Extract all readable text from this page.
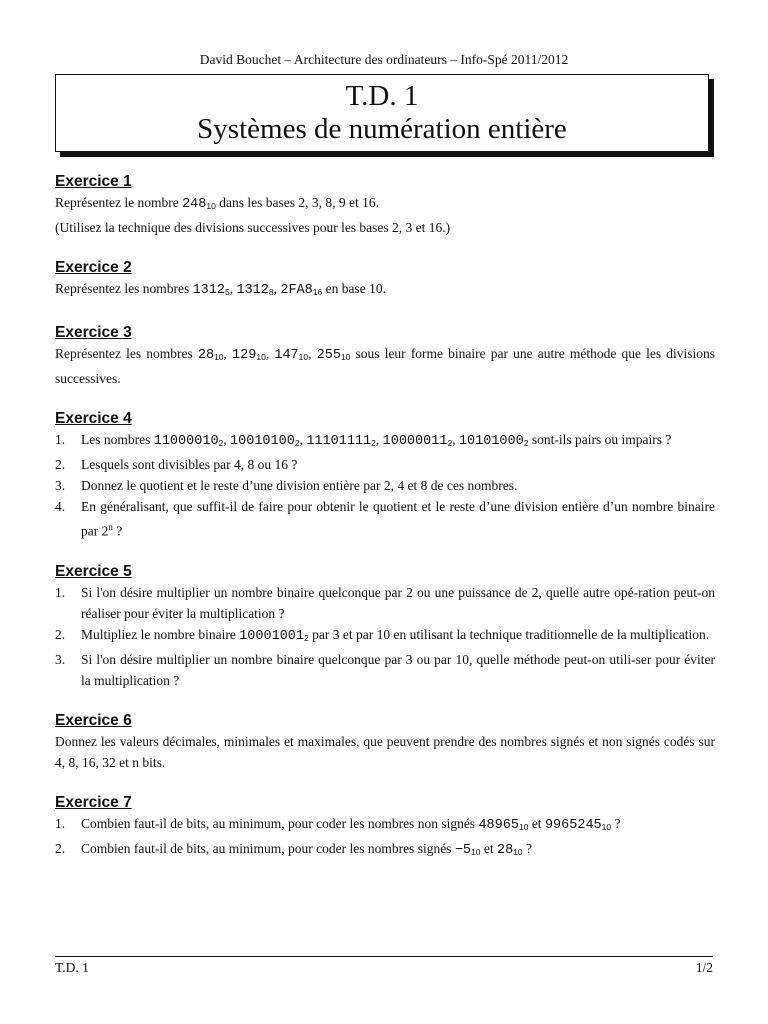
David Bouchet – Architecture des ordinateurs – Info-Spé 2011/2012
T.D. 1
Systèmes de numération entière
Exercice 1

Représentez le nombre $248_{10}$ dans les bases 2, 3, 8, 9 et 16.

(Utilisez la technique des divisions successives pour les bases 2, 3 et 16.)

Exercice 2

Représentez les nombres $1312_5$, $1312_8$, $2FA8_{16}$ en base 10.

Exercice 3

Représentez les nombres $28_{10}$, $129_{10}$, $147_{10}$, $255_{10}$ sous leur forme binaire par une autre méthode que les divisions successives.

Exercice 4
1. Les nombres $11000010_2$, $10010100_2$, $11101111_2$, $10000011_2$, $10101000_2$ sont-ils pairs ou impairs ?
2. Lesquels sont divisibles par 4, 8 ou 16 ?
3. Donnez le quotient et le reste d’une division entière par 2, 4 et 8 de ces nombres.
4. En généralisant, que suffit-il de faire pour obtenir le quotient et le reste d’une division entière d’un nombre binaire par 2$^n$ ?
Exercice 5
1. Si l'on désire multiplier un nombre binaire quelconque par 2 ou une puissance de 2, quelle autre opé-ration peut-on réaliser pour éviter la multiplication ?
2. Multipliez le nombre binaire $10001001_2$ par 3 et par 10 en utilisant la technique traditionnelle de la multiplication.
3. Si l'on désire multiplier un nombre binaire quelconque par 3 ou par 10, quelle méthode peut-on utili-ser pour éviter la multiplication ?
Exercice 6

Donnez les valeurs décimales, minimales et maximales, que peuvent prendre des nombres signés et non signés codés sur 4, 8, 16, 32 et n bits.

Exercice 7
1. Combien faut-il de bits, au minimum, pour coder les nombres non signés $48965_{10}$ et $9965245_{10}$ ?
2. Combien faut-il de bits, au minimum, pour coder les nombres signés $-5_{10}$ et $28_{10}$ ?
T.D. 1	1/2
